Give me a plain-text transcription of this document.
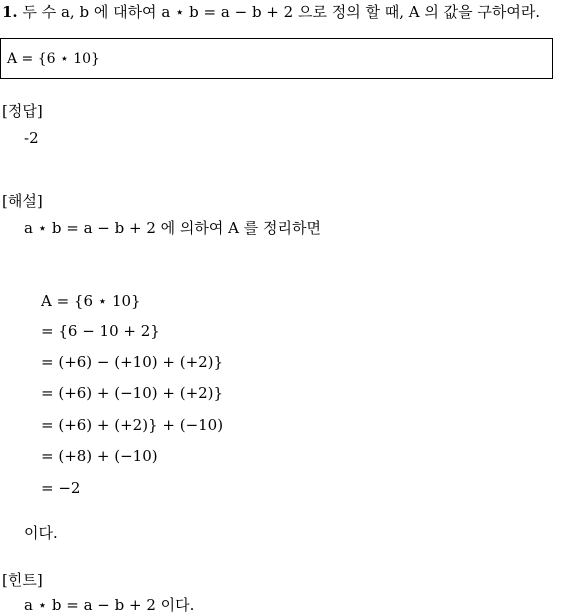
1. 두 수 a, b 에 대하여 a ⋆ b = a − b + 2 으로 정의 할 때, A 의 값을 구하여라.
A = {6 ⋆ 10}
[정답]
-2
[해설]
a ⋆ b = a − b + 2 에 의하여 A 를 정리하면
A = {6 ⋆ 10}
= {6 − 10 + 2}
= (+6) − (+10) + (+2)}
= (+6) + (−10) + (+2)}
= (+6) + (+2)} + (−10)
= (+8) + (−10)
= −2
이다.
[힌트]
a ⋆ b = a − b + 2 이다.
